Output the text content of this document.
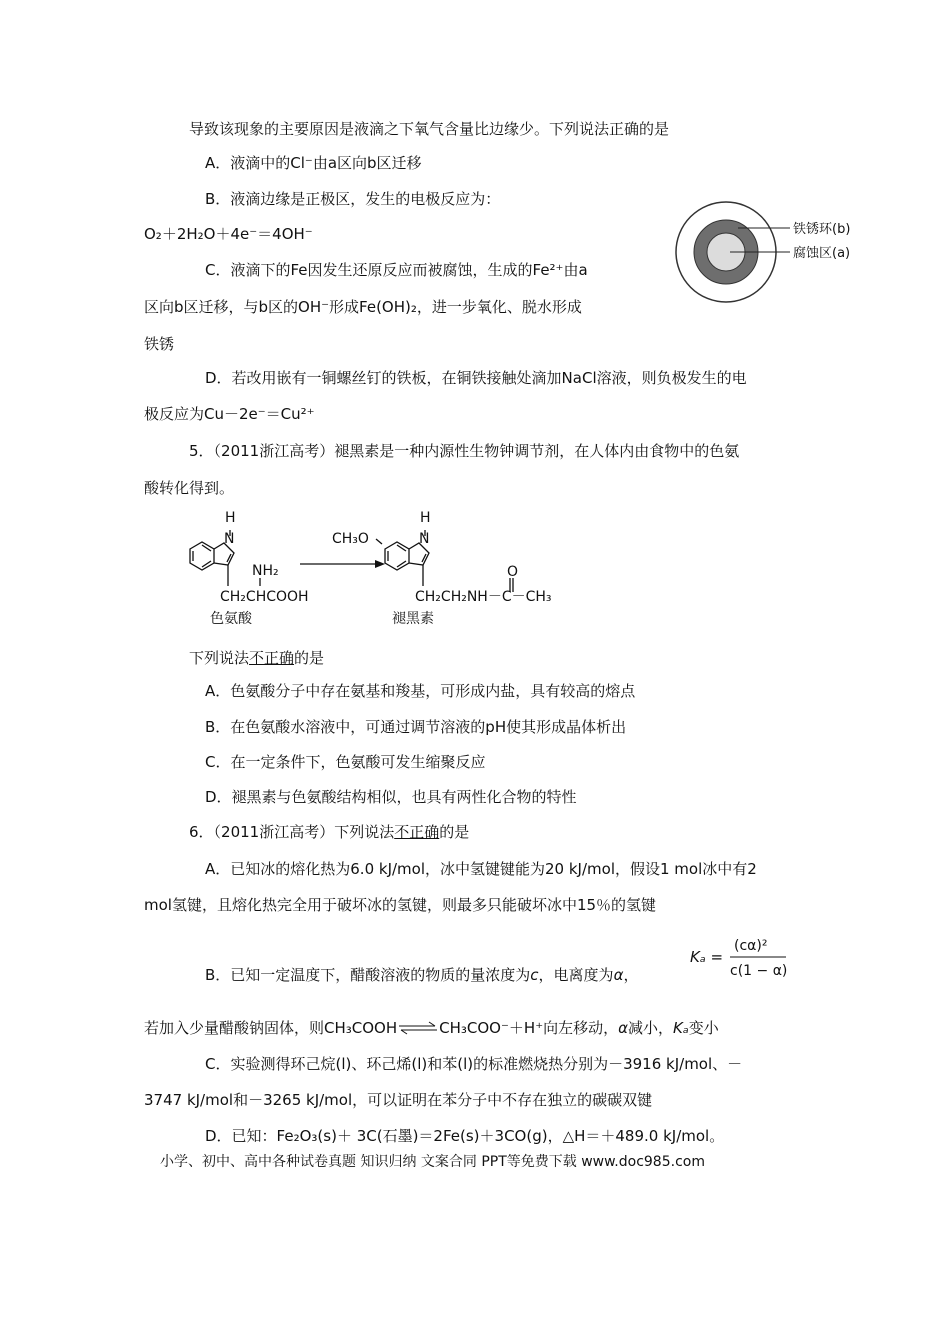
导致该现象的主要原因是液滴之下氧气含量比边缘少。下列说法正确的是
A．液滴中的Cl⁻由a区向b区迁移
B．液滴边缘是正极区，发生的电极反应为：
O₂＋2H₂O＋4e⁻＝4OH⁻
C．液滴下的Fe因发生还原反应而被腐蚀，生成的Fe²⁺由a
区向b区迁移，与b区的OH⁻形成Fe(OH)₂，进一步氧化、脱水形成
铁锈
D．若改用嵌有一铜螺丝钉的铁板，在铜铁接触处滴加NaCl溶液，则负极发生的电
极反应为Cu－2e⁻＝Cu²⁺
铁锈环(b)
腐蚀区(a)
5．（2011浙江高考）褪黑素是一种内源性生物钟调节剂，在人体内由食物中的色氨
酸转化得到。
H
N
NH₂
CH₂CHCOOH
色氨酸
CH₃O
H
N
O
CH₂CH₂NH－C－CH₃
褪黑素
下列说法不正确的是
A．色氨酸分子中存在氨基和羧基，可形成内盐，具有较高的熔点
B．在色氨酸水溶液中，可通过调节溶液的pH使其形成晶体析出
C．在一定条件下，色氨酸可发生缩聚反应
D．褪黑素与色氨酸结构相似，也具有两性化合物的特性
6．（2011浙江高考）下列说法不正确的是
A．已知冰的熔化热为6.0 kJ/mol，冰中氢键键能为20 kJ/mol，假设1 mol冰中有2
mol氢键，且熔化热完全用于破坏冰的氢键，则最多只能破坏冰中15％的氢键
B．已知一定温度下，醋酸溶液的物质的量浓度为c，电离度为α，
Kₐ =
(cα)²
c(1 − α)
若加入少量醋酸钠固体，则CH₃COOH⇌CH₃COO⁻＋H⁺向左移动，α减小，Kₐ变小
C．实验测得环己烷(l)、环己烯(l)和苯(l)的标准燃烧热分别为－3916 kJ/mol、－
3747 kJ/mol和－3265 kJ/mol，可以证明在苯分子中不存在独立的碳碳双键
D．已知：Fe₂O₃(s)＋ 3C(石墨)＝2Fe(s)＋3CO(g)，△H＝＋489.0 kJ/mol。
小学、初中、高中各种试卷真题 知识归纳 文案合同 PPT等免费下载 www.doc985.com
